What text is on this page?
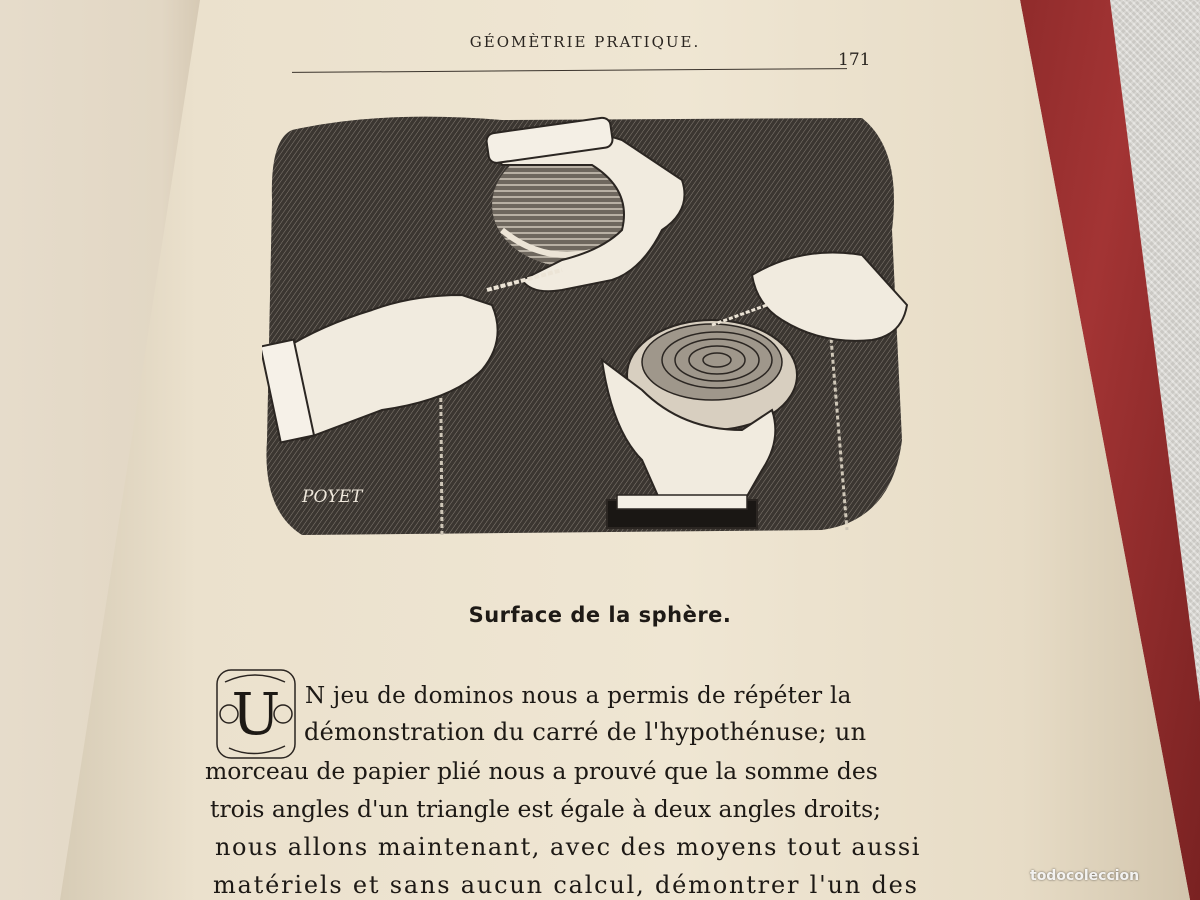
GÉOMÈTRIE PRATIQUE.
171
POYET
Surface de la sphère.
U N jeu de dominos nous a permis de répéter la
démonstration du carré de l'hypothénuse; un
morceau de papier plié nous a prouvé que la somme des
trois angles d'un triangle est égale à deux angles droits;
nous allons maintenant, avec des moyens tout aussi
matériels et sans aucun calcul, démontrer l'un des	todocoleccion
